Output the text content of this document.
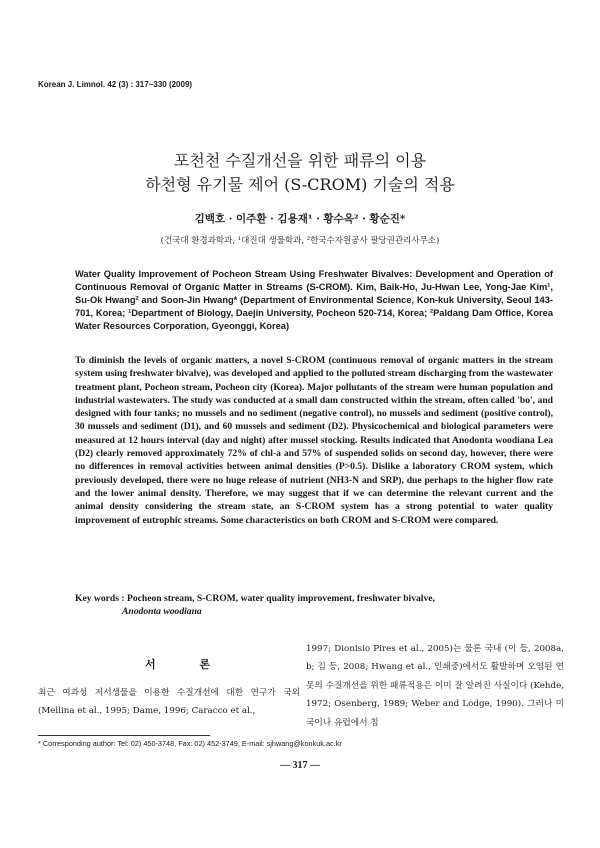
Korean J. Limnol. 42 (3) : 317~330 (2009)
포천천 수질개선을 위한 패류의 이용
하천형 유기물 제어 (S-CROM) 기술의 적용
김백호 · 이주환 · 김용재¹ · 황수옥² · 황순진*
(건국대 환경과학과, ¹대진대 생물학과, ²한국수자원공사 팔당권관리사무소)
Water Quality Improvement of Pocheon Stream Using Freshwater Bivalves: Development and Operation of Continuous Removal of Organic Matter in Streams (S-CROM). Kim, Baik-Ho, Ju-Hwan Lee, Yong-Jae Kim¹, Su-Ok Hwang² and Soon-Jin Hwang* (Department of Environmental Science, Kon-kuk University, Seoul 143-701, Korea; ¹Department of Biology, Daejin University, Pocheon 520-714, Korea; ²Paldang Dam Office, Korea Water Resources Corporation, Gyeonggi, Korea)
To diminish the levels of organic matters, a novel S-CROM (continuous removal of organic matters in the stream system using freshwater bivalve), was developed and applied to the polluted stream discharging from the wastewater treatment plant, Pocheon stream, Pocheon city (Korea). Major pollutants of the stream were human population and industrial wastewaters. The study was conducted at a small dam constructed within the stream, often called 'bo', and designed with four tanks; no mussels and no sediment (negative control), no mussels and sediment (positive control), 30 mussels and sediment (D1), and 60 mussels and sediment (D2). Physicochemical and biological parameters were measured at 12 hours interval (day and night) after mussel stocking. Results indicated that Anodonta woodiana Lea (D2) clearly removed approximately 72% of chl-a and 57% of suspended solids on second day, however, there were no differences in removal activities between animal densities (P>0.5). Dislike a laboratory CROM system, which previously developed, there were no huge release of nutrient (NH3-N and SRP), due perhaps to the higher flow rate and the lower animal density. Therefore, we may suggest that if we can determine the relevant current and the animal density considering the stream state, an S-CROM system has a strong potential to water quality improvement of eutrophic streams. Some characteristics on both CROM and S-CROM were compared.
Key words : Pocheon stream, S-CROM, water quality improvement, freshwater bivalve,
Anodonta woodiana
서 론
최근 여과성 저서생물을 이용한 수질개선에 대한 연구가 국외 (Mellina et al., 1995; Dame, 1996; Caracco et al.,
1997; Dionisio Pires et al., 2005)는 물론 국내 (이 등, 2008a, b; 김 등, 2008; Hwang et al., 인쇄중)에서도 활발하며 오염된 연못의 수질개선을 위한 패류적용은 이미 잘 알려진 사실이다 (Kehde, 1972; Osenberg, 1989; Weber and Lodge, 1990). 그러나 미국이나 유럽에서 침
* Corresponding author: Tel: 02) 450-3748, Fax: 02) 452-3749, E-mail: sjhwang@konkuk.ac.kr
— 317 —
